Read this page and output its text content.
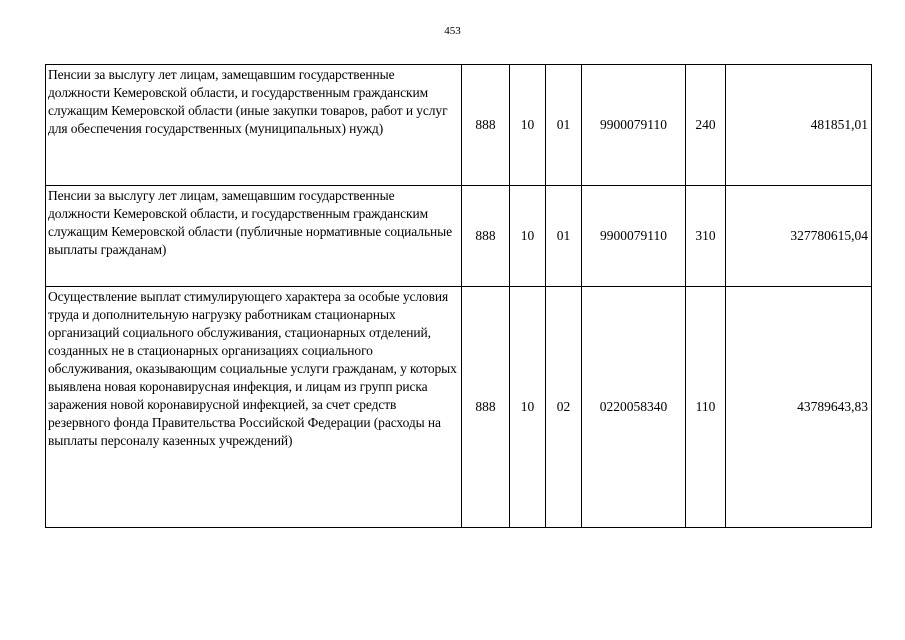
453
Пенсии за выслугу лет лицам, замещавшим государственные должности Кемеровской области, и государственным гражданским служащим Кемеровской области (иные закупки товаров, работ и услуг для обеспечения государственных (муниципальных) нужд)	888	10	01	9900079110	240	481851,01
Пенсии за выслугу лет лицам, замещавшим государственные должности Кемеровской области, и государственным гражданским служащим Кемеровской области (публичные нормативные социальные выплаты гражданам)	888	10	01	9900079110	310	327780615,04
Осуществление выплат стимулирующего характера за особые условия труда и дополнительную нагрузку работникам стационарных организаций социального обслуживания, стационарных отделений, созданных не в стационарных организациях социального обслуживания, оказывающим социальные услуги гражданам, у которых выявлена новая коронавирусная инфекция, и лицам из групп риска заражения новой коронавирусной инфекцией, за счет средств резервного фонда Правительства Российской Федерации (расходы на выплаты персоналу казенных учреждений)	888	10	02	0220058340	110	43789643,83
